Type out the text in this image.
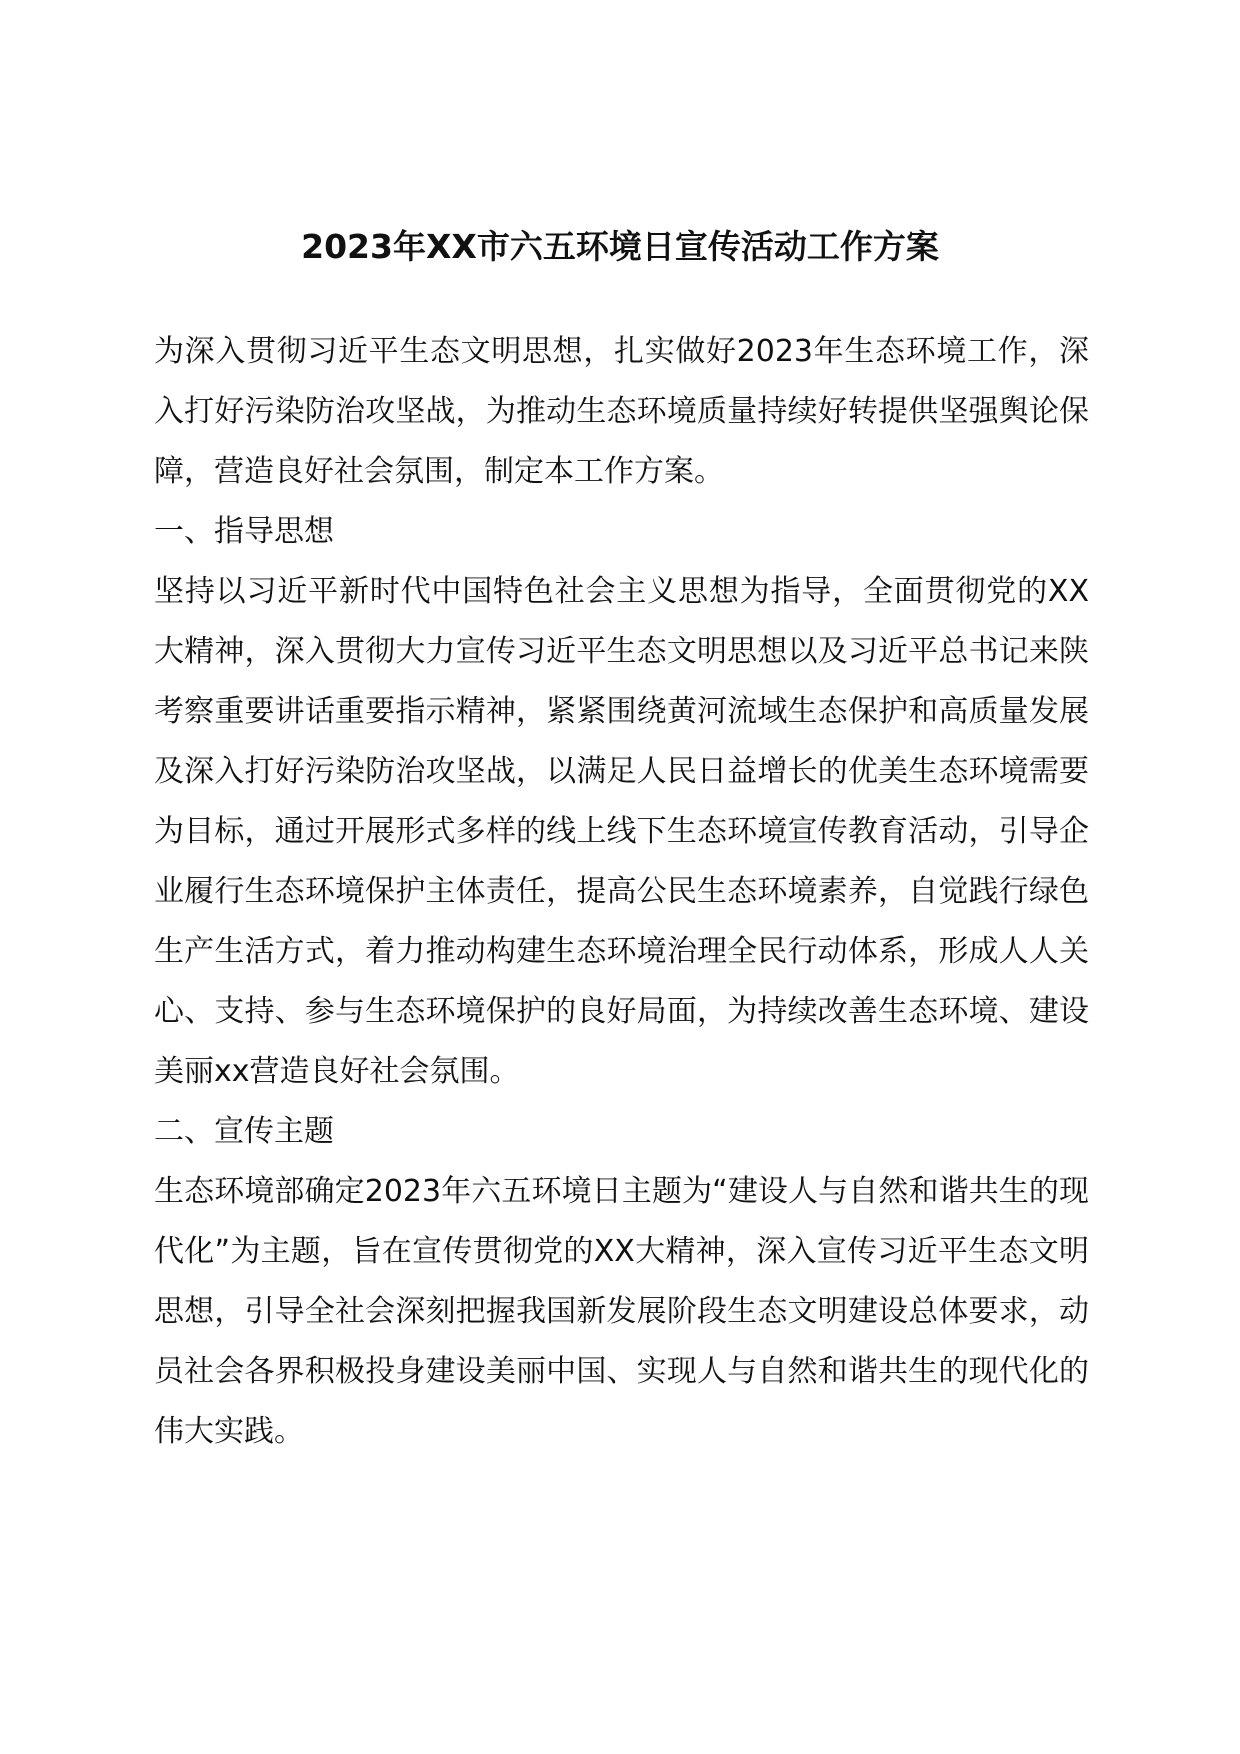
2023年XX市六五环境日宣传活动工作方案

为深入贯彻习近平生态文明思想，扎实做好2023年生态环境工作，深入打好污染防治攻坚战，为推动生态环境质量持续好转提供坚强舆论保障，营造良好社会氛围，制定本工作方案。

一、指导思想

坚持以习近平新时代中国特色社会主义思想为指导，全面贯彻党的XX大精神，深入贯彻大力宣传习近平生态文明思想以及习近平总书记来陕考察重要讲话重要指示精神，紧紧围绕黄河流域生态保护和高质量发展及深入打好污染防治攻坚战，以满足人民日益增长的优美生态环境需要为目标，通过开展形式多样的线上线下生态环境宣传教育活动，引导企业履行生态环境保护主体责任，提高公民生态环境素养，自觉践行绿色生产生活方式，着力推动构建生态环境治理全民行动体系，形成人人关心、支持、参与生态环境保护的良好局面，为持续改善生态环境、建设美丽xx营造良好社会氛围。

二、宣传主题

生态环境部确定2023年六五环境日主题为“建设人与自然和谐共生的现代化”为主题，旨在宣传贯彻党的XX大精神，深入宣传习近平生态文明思想，引导全社会深刻把握我国新发展阶段生态文明建设总体要求，动员社会各界积极投身建设美丽中国、实现人与自然和谐共生的现代化的伟大实践。
